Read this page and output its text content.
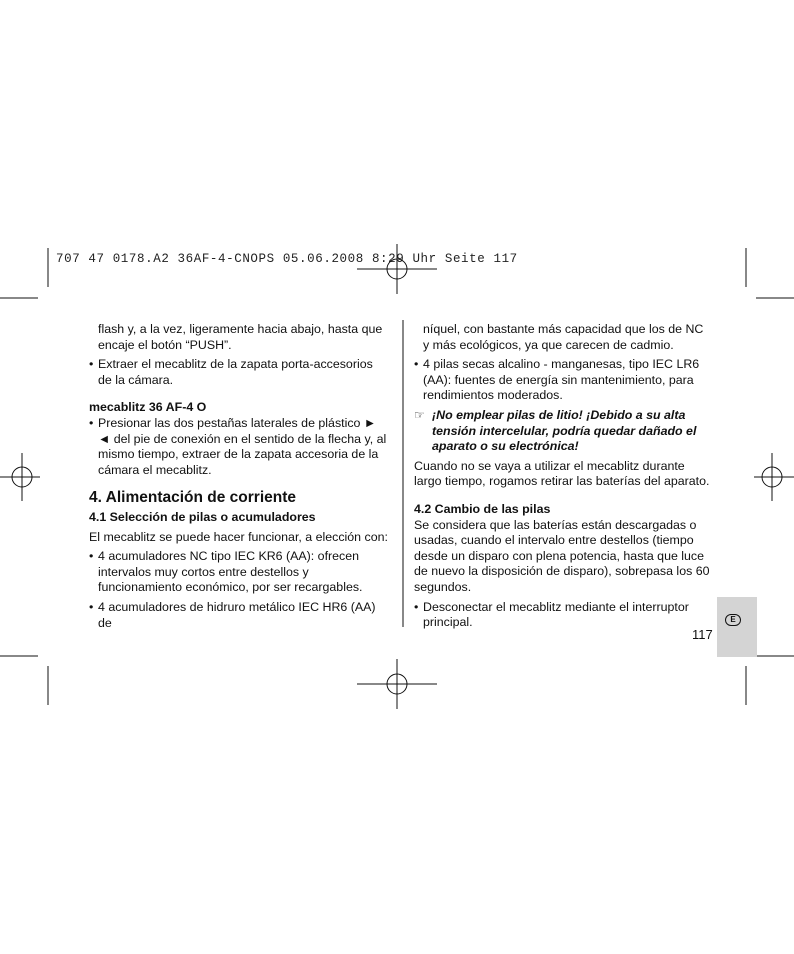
707 47 0178.A2 36AF-4-CNOPS 05.06.2008 8:29 Uhr Seite 117

flash y, a la vez, ligeramente hacia abajo, hasta que encaje el botón “PUSH”.

• Extraer el mecablitz de la zapata porta-accesorios de la cámara.

mecablitz 36 AF-4 O

• Presionar las dos pestañas laterales de plástico ► ◄ del pie de conexión en el sentido de la flecha y, al mismo tiempo, extraer de la zapata accesoria de la cámara el mecablitz.

4. Alimentación de corriente

4.1 Selección de pilas o acumuladores

El mecablitz se puede hacer funcionar, a elección con:

• 4 acumuladores NC tipo IEC KR6 (AA): ofrecen intervalos muy cortos entre destellos y funcionamiento económico, por ser recargables.

• 4 acumuladores de hidruro metálico IEC HR6 (AA) de

níquel, con bastante más capacidad que los de NC y más ecológicos, ya que carecen de cadmio.

• 4 pilas secas alcalino - manganesas, tipo IEC LR6 (AA): fuentes de energía sin mantenimiento, para rendimientos moderados.

☞ ¡No emplear pilas de litio! ¡Debido a su alta tensión intercelular, podría quedar dañado el aparato o su electrónica!

Cuando no se vaya a utilizar el mecablitz durante largo tiempo, rogamos retirar las baterías del aparato.

4.2 Cambio de las pilas

Se considera que las baterías están descargadas o usadas, cuando el intervalo entre destellos (tiempo desde un disparo con plena potencia, hasta que luce de nuevo la disposición de disparo), sobrepasa los 60 segundos.

• Desconectar el mecablitz mediante el interruptor principal.	E
117
